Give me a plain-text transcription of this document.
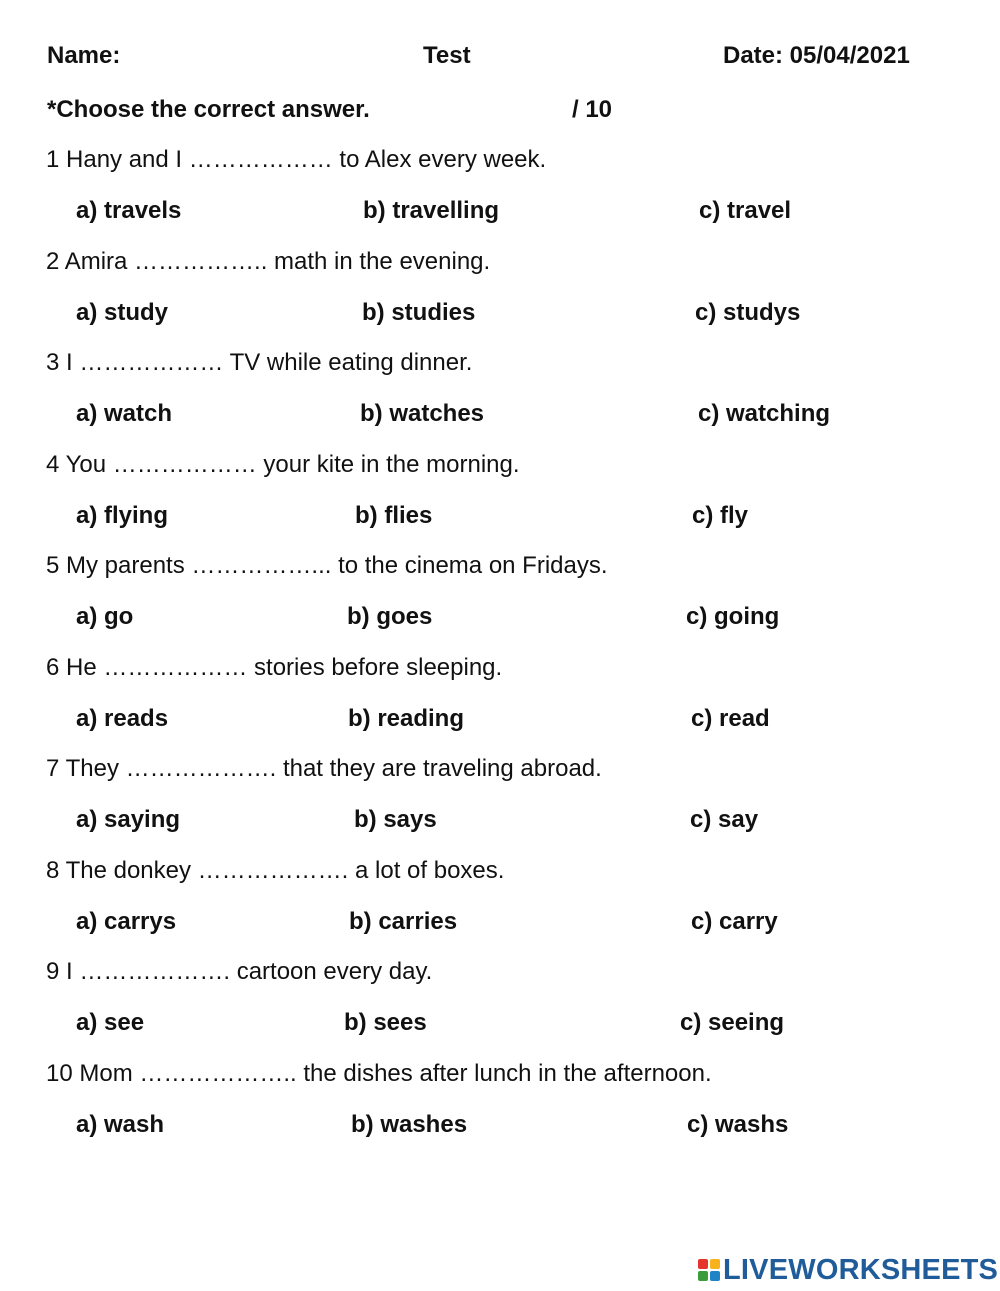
Name:	Test	Date: 05/04/2021
*Choose the correct answer.	/ 10
1 Hany and I ……………… to Alex every week.
a) travels	b) travelling	c) travel
2 Amira …………….. math in the evening.
a) study	b) studies	c) studys
3 I ……………… TV while eating dinner.
a) watch	b) watches	c) watching
4 You ……………… your kite in the morning.
a) flying	b) flies	c) fly
5 My parents ……………... to the cinema on Fridays.
a) go	b) goes	c) going
6 He ……………… stories before sleeping.
a) reads	b) reading	c) read
7 They ………………. that they are traveling abroad.
a) saying	b) says	c) say
8 The donkey ………………. a lot of boxes.
a) carrys	b) carries	c) carry
9 I ………………. cartoon every day.
a) see	b) sees	c) seeing
10 Mom ……………….. the dishes after lunch in the afternoon.
a) wash	b) washes	c) washs
LIVEWORKSHEETS
